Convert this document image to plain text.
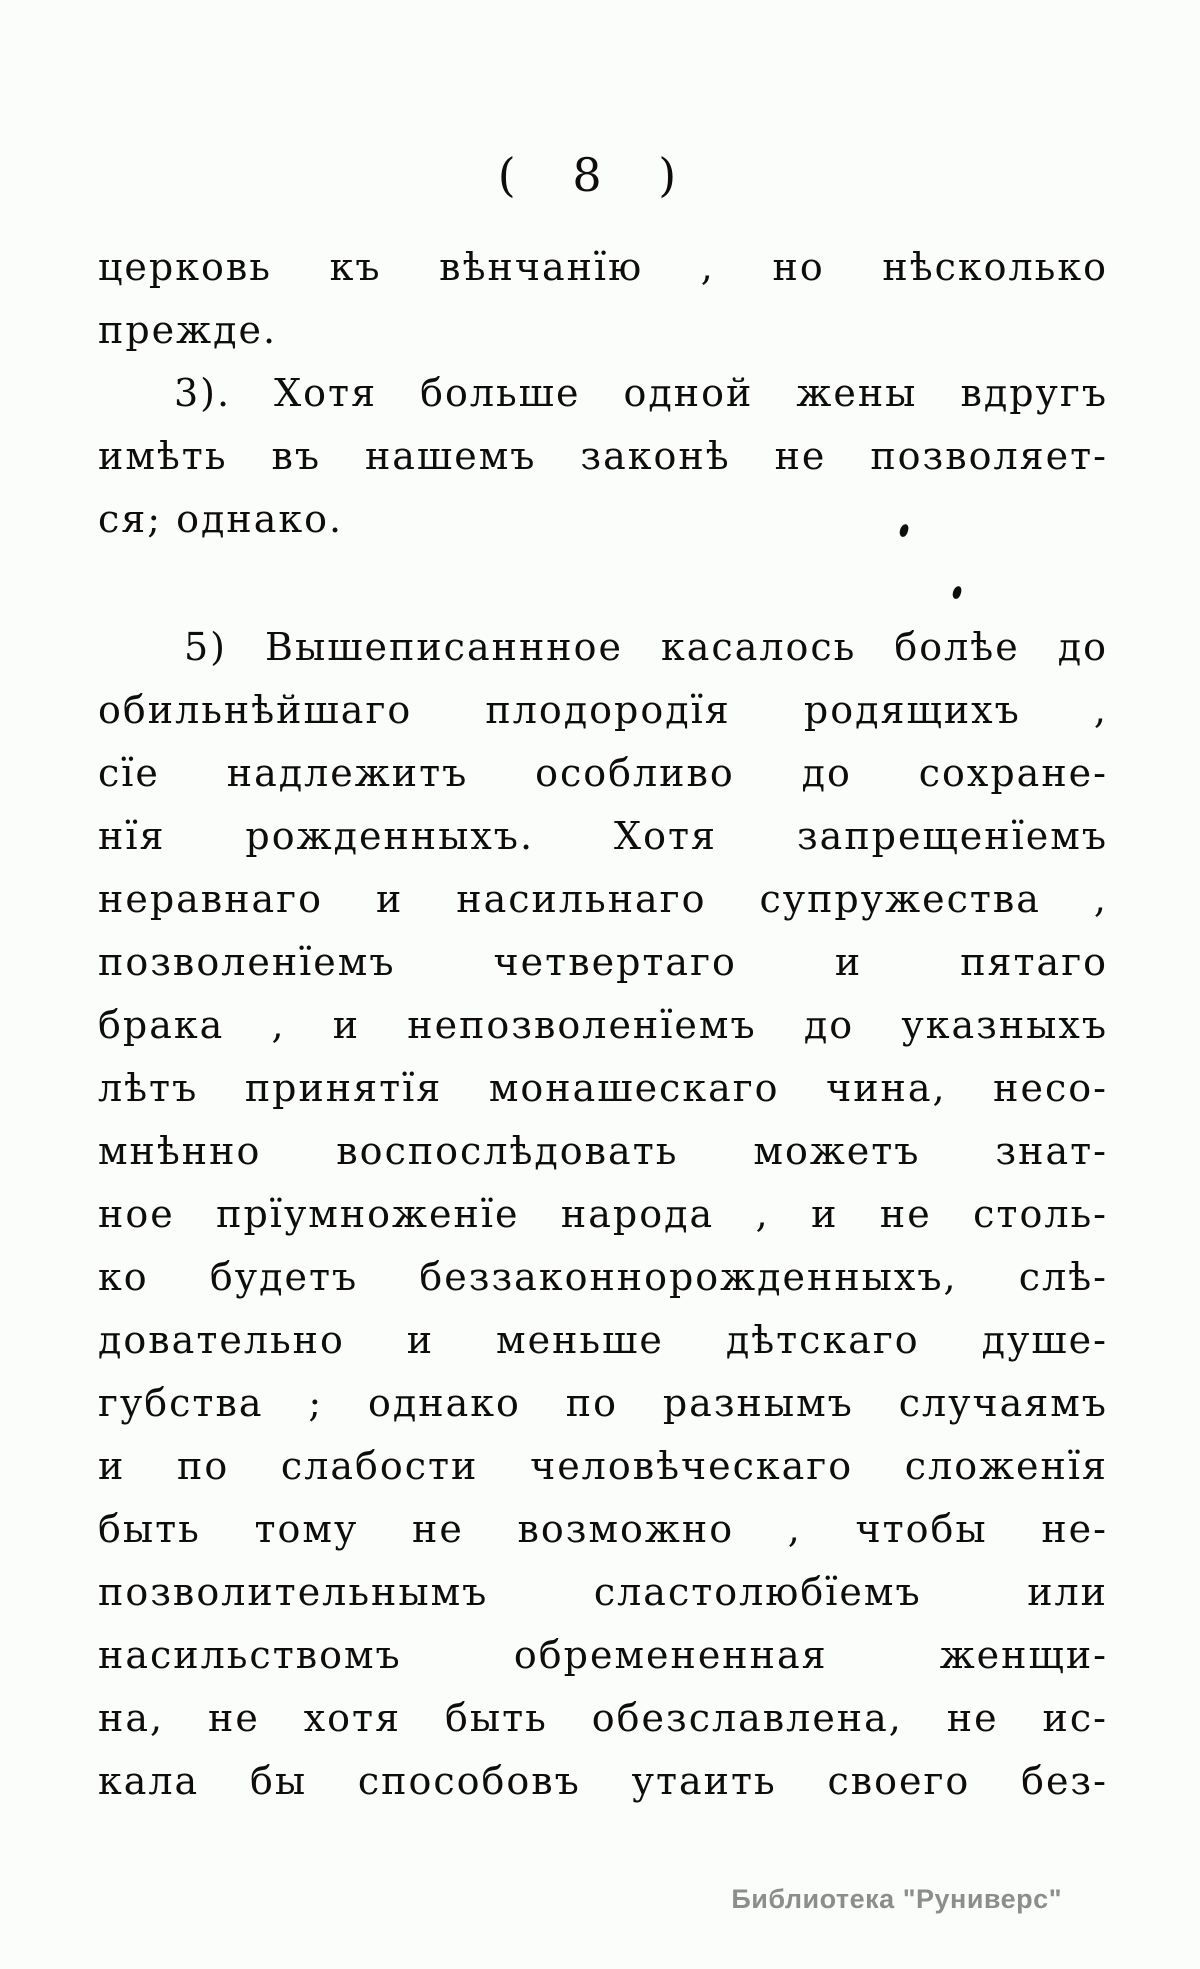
( 8 )
церковь къ вѣнчанїю , но нѣсколько
прежде.
3). Хотя больше одной жены вдругъ
имѣть въ нашемъ законѣ не позволяет-
ся; однако.
5) Вышеписаннное касалось болѣе до
обильнѣйшаго плодородїя родящихъ ,
сїе надлежитъ особливо до сохране-
нїя рожденныхъ. Хотя запрещенїемъ
неравнаго и насильнаго супружества ,
позволенїемъ четвертаго и пятаго
брака , и непозволенїемъ до указныхъ
лѣтъ принятїя монашескаго чина, несо-
мнѣнно воспослѣдовать можетъ знат-
ное прїумноженїе народа , и не столь-
ко будетъ беззаконнорожденныхъ, слѣ-
довательно и меньше дѣтскаго душе-
губства ; однако по разнымъ случаямъ
и по слабости человѣческаго сложенїя
быть тому не возможно , чтобы не-
позволительнымъ сластолюбїемъ или
насильствомъ обремененная женщи-
на, не хотя быть обезславлена, не ис-
кала бы способовъ утаить своего без-
Библиотека "Руниверс"
